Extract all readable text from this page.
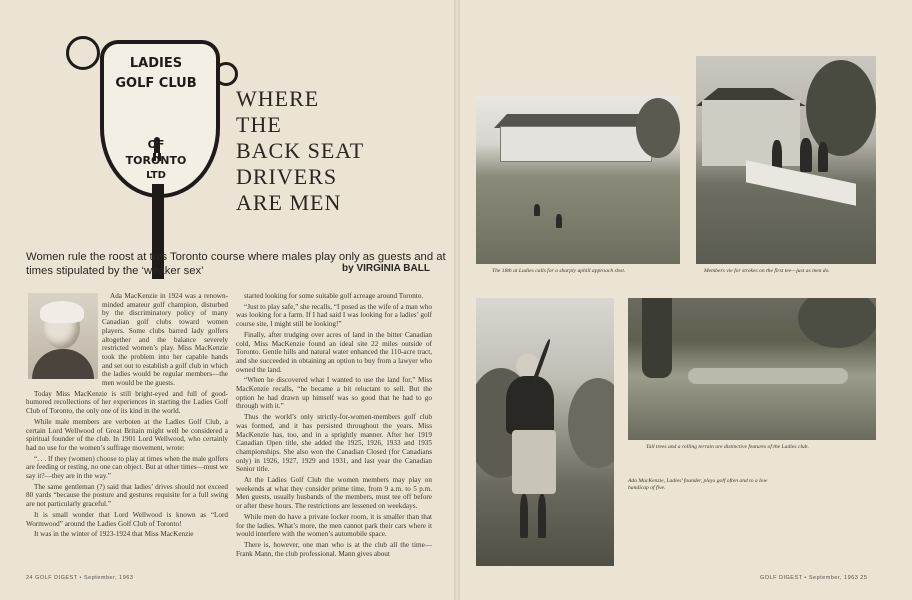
LADIES
GOLF CLUB
OF
TORONTO
LTD
WHERE
THE
BACK SEAT
DRIVERS
ARE MEN
Women rule the roost at this Toronto course where males play only as guests and at times stipulated by the ‘weaker sex’	by VIRGINIA BALL

Ada MacKenzie in 1924 was a renown-minded amateur golf champion, disturbed by the discriminatory policy of many Canadian golf clubs toward women players. Some clubs barred lady golfers altogether and the balance severely restricted women’s play. Miss MacKenzie took the problem into her capable hands and set out to establish a golf club in which the ladies would be regular members—the men would be the guests.

Today Miss MacKenzie is still bright-eyed and full of good-humored recollections of her experiences in starting the Ladies Golf Club of Toronto, the only one of its kind in the world.

While male members are verboten at the Ladies Golf Club, a certain Lord Wellwood of Great Britain might well be considered a spiritual founder of the club. In 1901 Lord Wellwood, who certainly had no use for the women’s suffrage movement, wrote:

“. . . If they (women) choose to play at times when the male golfers are feeding or resting, no one can object. But at other times—must we say it?—they are in the way.”

The same gentleman (?) said that ladies’ drives should not exceed 80 yards “because the posture and gestures requisite for a full swing are not particularly graceful.”

It is small wonder that Lord Wellwood is known as “Lord Wormwood” around the Ladies Golf Club of Toronto!

It was in the winter of 1923-1924 that Miss MacKenzie

started looking for some suitable golf acreage around Toronto.

“Just to play safe,” she recalls, “I posed as the wife of a man who was looking for a farm. If I had said I was looking for a ladies’ golf course site, I might still be looking!”

Finally, after trudging over acres of land in the bitter Canadian cold, Miss MacKenzie found an ideal site 22 miles outside of Toronto. Gentle hills and natural water enhanced the 110-acre tract, and she succeeded in obtaining an option to buy from a lawyer who owned the land.

“When he discovered what I wanted to use the land for,” Miss MacKenzie recalls, “he became a bit reluctant to sell. But the option he had drawn up himself was so good that he had to go through with it.”

Thus the world’s only strictly-for-women-members golf club was formed, and it has persisted throughout the years. Miss MacKenzie has, too, and in a sprightly manner. After her 1919 Canadian Open title, she added the 1925, 1926, 1933 and 1935 championships. She also won the Canadian Closed (for Canadians only) in 1926, 1927, 1929 and 1931, and last year the Canadian Senior title.

At the Ladies Golf Club the women members may play on weekends at what they consider prime time, from 9 a.m. to 5 p.m. Men guests, usually husbands of the members, must tee off before or after these hours. The restrictions are lessened on weekdays.

While men do have a private locker room, it is smaller than that for the ladies. What’s more, the men cannot park their cars where it would interfere with the women’s automobile space.

There is, however, one man who is at the club all the time—Frank Mann, the club professional. Mann gives about

24 GOLF DIGEST • September, 1963	GOLF DIGEST • September, 1963 25
The 18th at Ladies calls for a sharply uphill approach shot.	Members vie for strokes on the first tee—just as men do.
Ada MacKenzie, Ladies’ founder, plays golf often and to a low handicap of five.
Tall trees and a rolling terrain are distinctive features of the Ladies club.
